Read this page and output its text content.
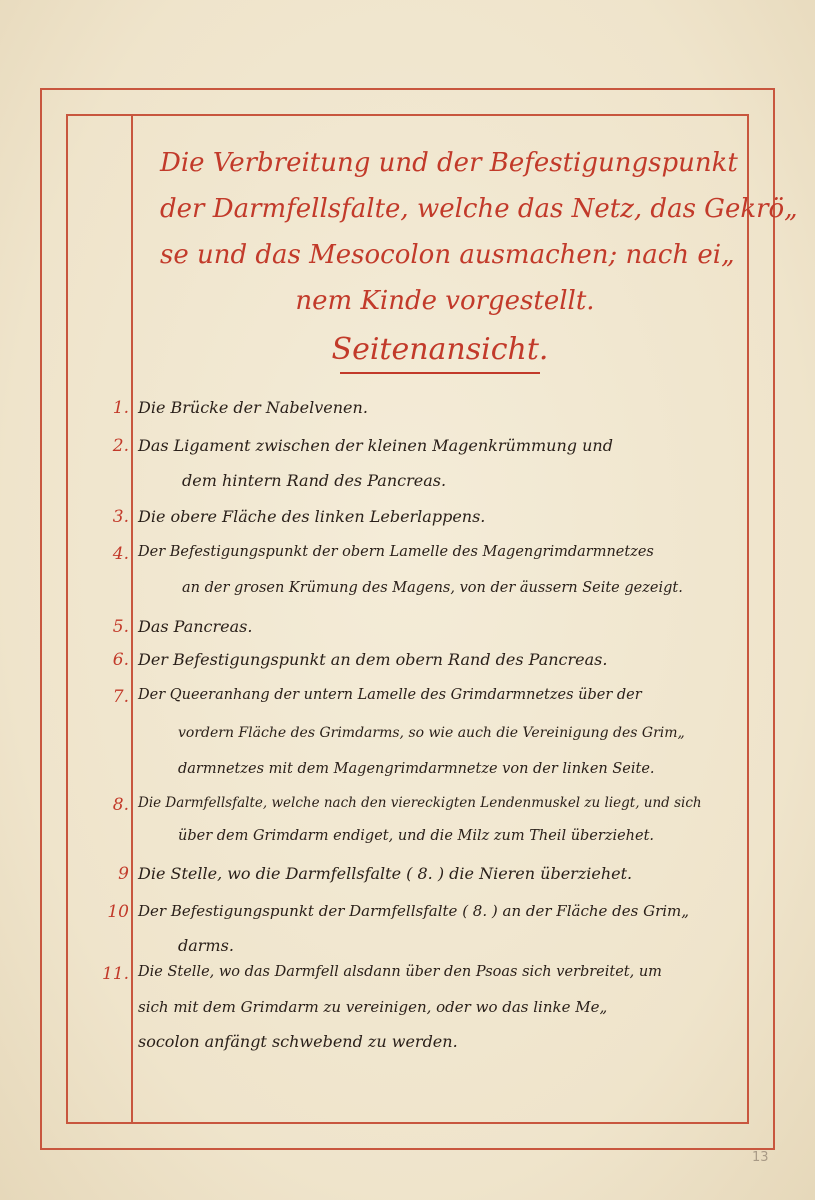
Die Verbreitung und der Befestigungspunkt
der Darmfellsfalte, welche das Netz, das Gekrö„
se und das Mesocolon ausmachen; nach ei„
nem Kinde vorgestellt.
Seitenansicht.
1. Die Brücke der Nabelvenen.
2. Das Ligament zwischen der kleinen Magenkrümmung und
dem hintern Rand des Pancreas.
3. Die obere Fläche des linken Leberlappens.
4. Der Befestigungspunkt der obern Lamelle des Magengrimdarmnetzes
an der grosen Krümung des Magens, von der äussern Seite gezeigt.
5. Das Pancreas.
6. Der Befestigungspunkt an dem obern Rand des Pancreas.
7. Der Queeranhang der untern Lamelle des Grimdarmnetzes über der
vordern Fläche des Grimdarms, so wie auch die Vereinigung des Grim„
darmnetzes mit dem Magengrimdarmnetze von der linken Seite.
8. Die Darmfellsfalte, welche nach den viereckigten Lendenmuskel zu liegt, und sich
über dem Grimdarm endiget, und die Milz zum Theil überziehet.
9 Die Stelle, wo die Darmfellsfalte ( 8. ) die Nieren überziehet.
10 Der Befestigungspunkt der Darmfellsfalte ( 8. ) an der Fläche des Grim„
darms.
11. Die Stelle, wo das Darmfell alsdann über den Psoas sich verbreitet, um
sich mit dem Grimdarm zu vereinigen, oder wo das linke Me„
socolon anfängt schwebend zu werden.
13
